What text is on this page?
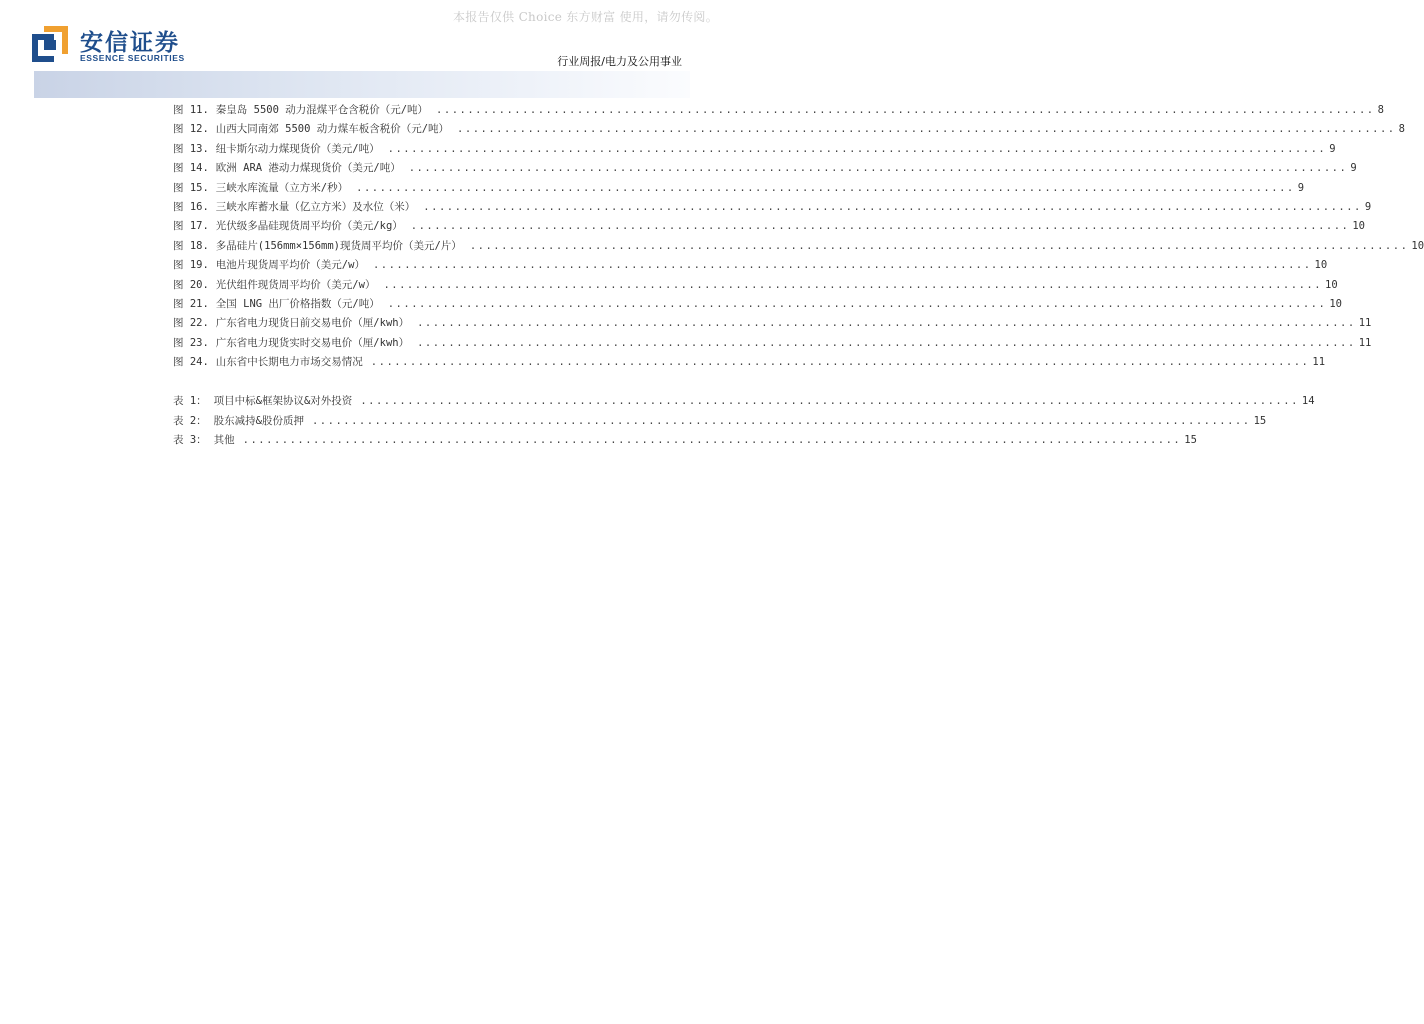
本报告仅供 Choice 东方财富 使用，请勿传阅。
安信证券
ESSENCE SECURITIES	行业周报/电力及公用事业
图 11. 秦皇岛 5500 动力混煤平仓含税价（元/吨） ........................................................................................................................ 8
图 12. 山西大同南郊 5500 动力煤车板含税价（元/吨） ........................................................................................................................ 8
图 13. 纽卡斯尔动力煤现货价（美元/吨） ........................................................................................................................ 9
图 14. 欧洲 ARA 港动力煤现货价（美元/吨） ........................................................................................................................ 9
图 15. 三峡水库流量（立方米/秒） ........................................................................................................................ 9
图 16. 三峡水库蓄水量（亿立方米）及水位（米） ........................................................................................................................ 9
图 17. 光伏级多晶硅现货周平均价（美元/kg） ........................................................................................................................ 10
图 18. 多晶硅片(156mm×156mm)现货周平均价（美元/片） ........................................................................................................................ 10
图 19. 电池片现货周平均价（美元/w） ........................................................................................................................ 10
图 20. 光伏组件现货周平均价（美元/w） ........................................................................................................................ 10
图 21. 全国 LNG 出厂价格指数（元/吨） ........................................................................................................................ 10
图 22. 广东省电力现货日前交易电价（厘/kwh） ........................................................................................................................ 11
图 23. 广东省电力现货实时交易电价（厘/kwh） ........................................................................................................................ 11
图 24. 山东省中长期电力市场交易情况 ........................................................................................................................ 11
表 1： 项目中标&框架协议&对外投资 ........................................................................................................................ 14
表 2： 股东减持&股份质押 ........................................................................................................................ 15
表 3： 其他 ........................................................................................................................ 15
